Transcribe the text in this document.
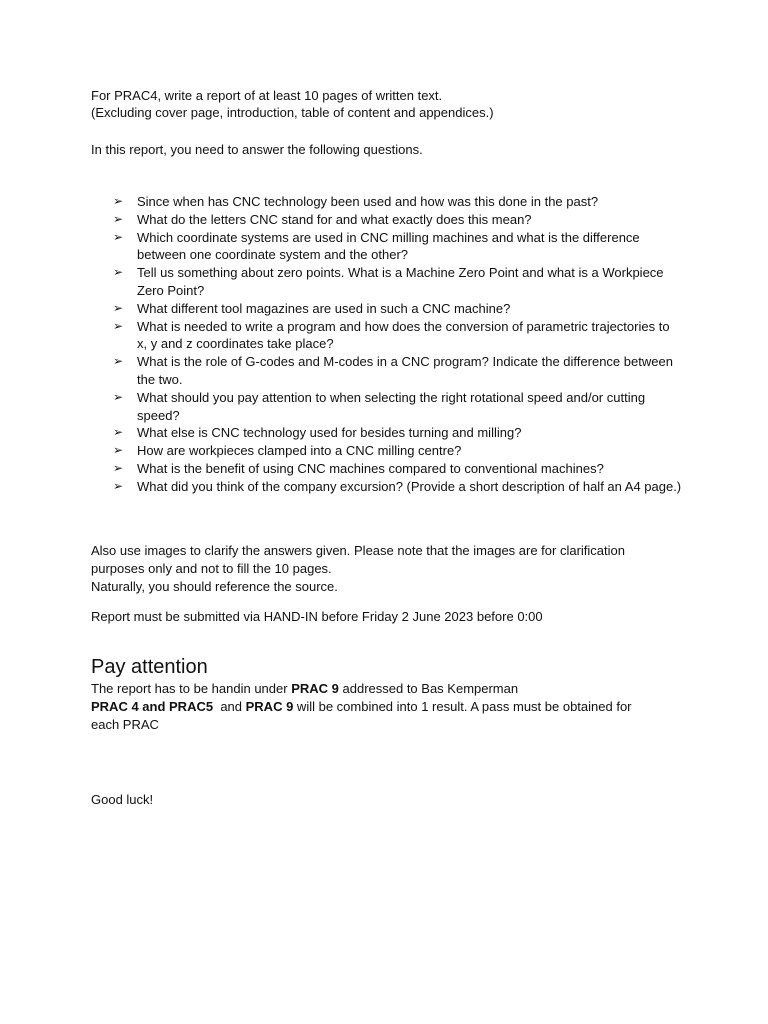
For PRAC4, write a report of at least 10 pages of written text.
(Excluding cover page, introduction, table of content and appendices.)
In this report, you need to answer the following questions.
➢ Since when has CNC technology been used and how was this done in the past?
➢ What do the letters CNC stand for and what exactly does this mean?
➢ Which coordinate systems are used in CNC milling machines and what is the difference between one coordinate system and the other?
➢ Tell us something about zero points. What is a Machine Zero Point and what is a Workpiece Zero Point?
➢ What different tool magazines are used in such a CNC machine?
➢ What is needed to write a program and how does the conversion of parametric trajectories to x, y and z coordinates take place?
➢ What is the role of G-codes and M-codes in a CNC program? Indicate the difference between the two.
➢ What should you pay attention to when selecting the right rotational speed and/or cutting speed?
➢ What else is CNC technology used for besides turning and milling?
➢ How are workpieces clamped into a CNC milling centre?
➢ What is the benefit of using CNC machines compared to conventional machines?
➢ What did you think of the company excursion? (Provide a short description of half an A4 page.)
Also use images to clarify the answers given. Please note that the images are for clarification
purposes only and not to fill the 10 pages.
Naturally, you should reference the source.
Report must be submitted via HAND-IN before Friday 2 June 2023 before 0:00
Pay attention
The report has to be handin under PRAC 9 addressed to Bas Kemperman
PRAC 4 and PRAC5  and PRAC 9 will be combined into 1 result. A pass must be obtained for
each PRAC
Good luck!
